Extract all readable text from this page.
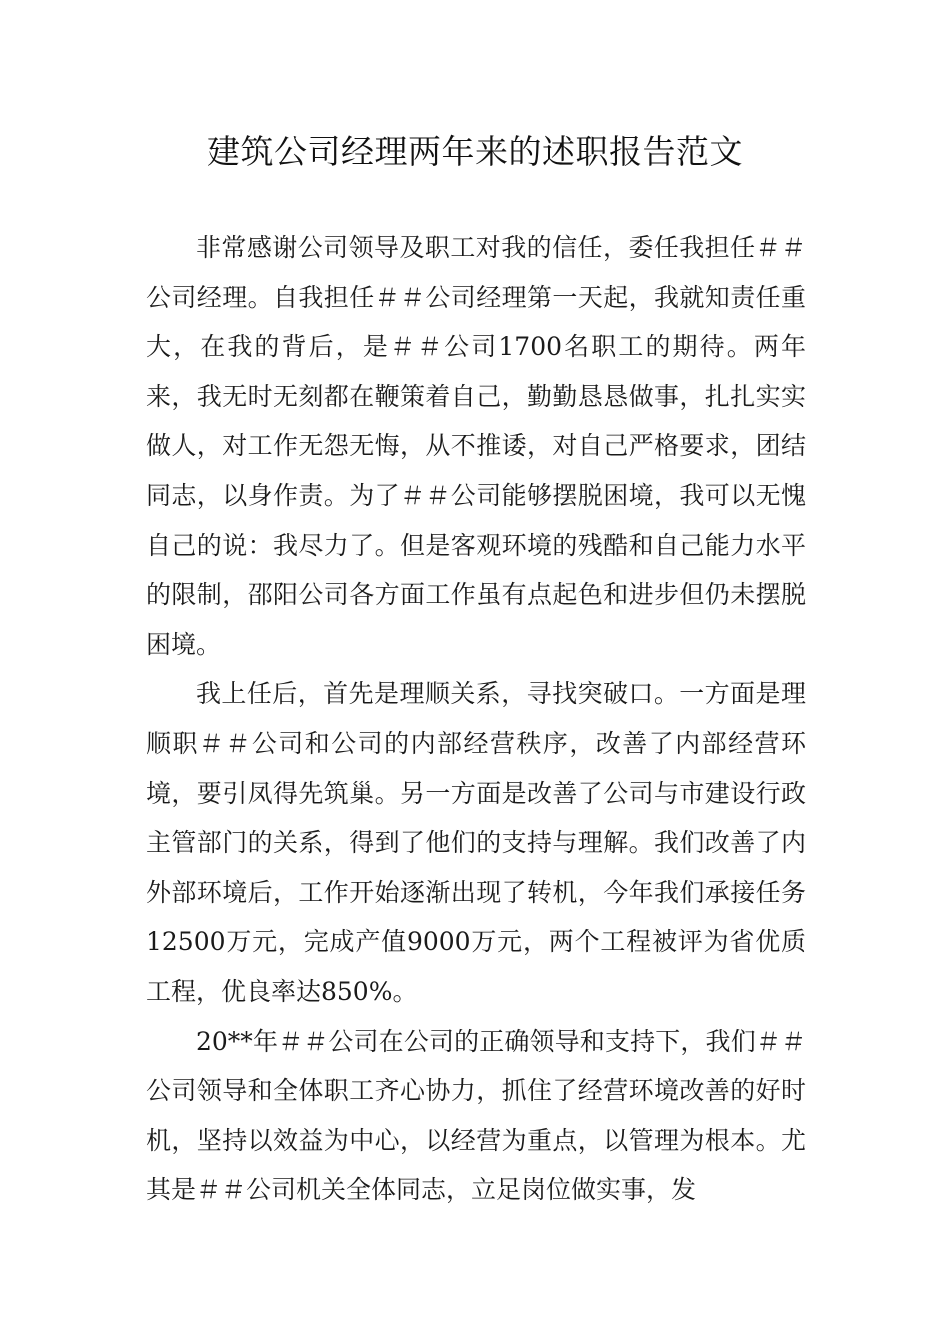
建筑公司经理两年来的述职报告范文

非常感谢公司领导及职工对我的信任，委任我担任＃＃公司经理。自我担任＃＃公司经理第一天起，我就知责任重大，在我的背后，是＃＃公司1700名职工的期待。两年来，我无时无刻都在鞭策着自己，勤勤恳恳做事，扎扎实实做人，对工作无怨无悔，从不推诿，对自己严格要求，团结同志，以身作责。为了＃＃公司能够摆脱困境，我可以无愧自己的说：我尽力了。但是客观环境的残酷和自己能力水平的限制，邵阳公司各方面工作虽有点起色和进步但仍未摆脱困境。

我上任后，首先是理顺关系，寻找突破口。一方面是理顺职＃＃公司和公司的内部经营秩序，改善了内部经营环境，要引凤得先筑巢。另一方面是改善了公司与市建设行政主管部门的关系，得到了他们的支持与理解。我们改善了内外部环境后，工作开始逐渐出现了转机，今年我们承接任务12500万元，完成产值9000万元，两个工程被评为省优质工程，优良率达850%。

20**年＃＃公司在公司的正确领导和支持下，我们＃＃公司领导和全体职工齐心协力，抓住了经营环境改善的好时机，坚持以效益为中心，以经营为重点，以管理为根本。尤其是＃＃公司机关全体同志，立足岗位做实事，发
